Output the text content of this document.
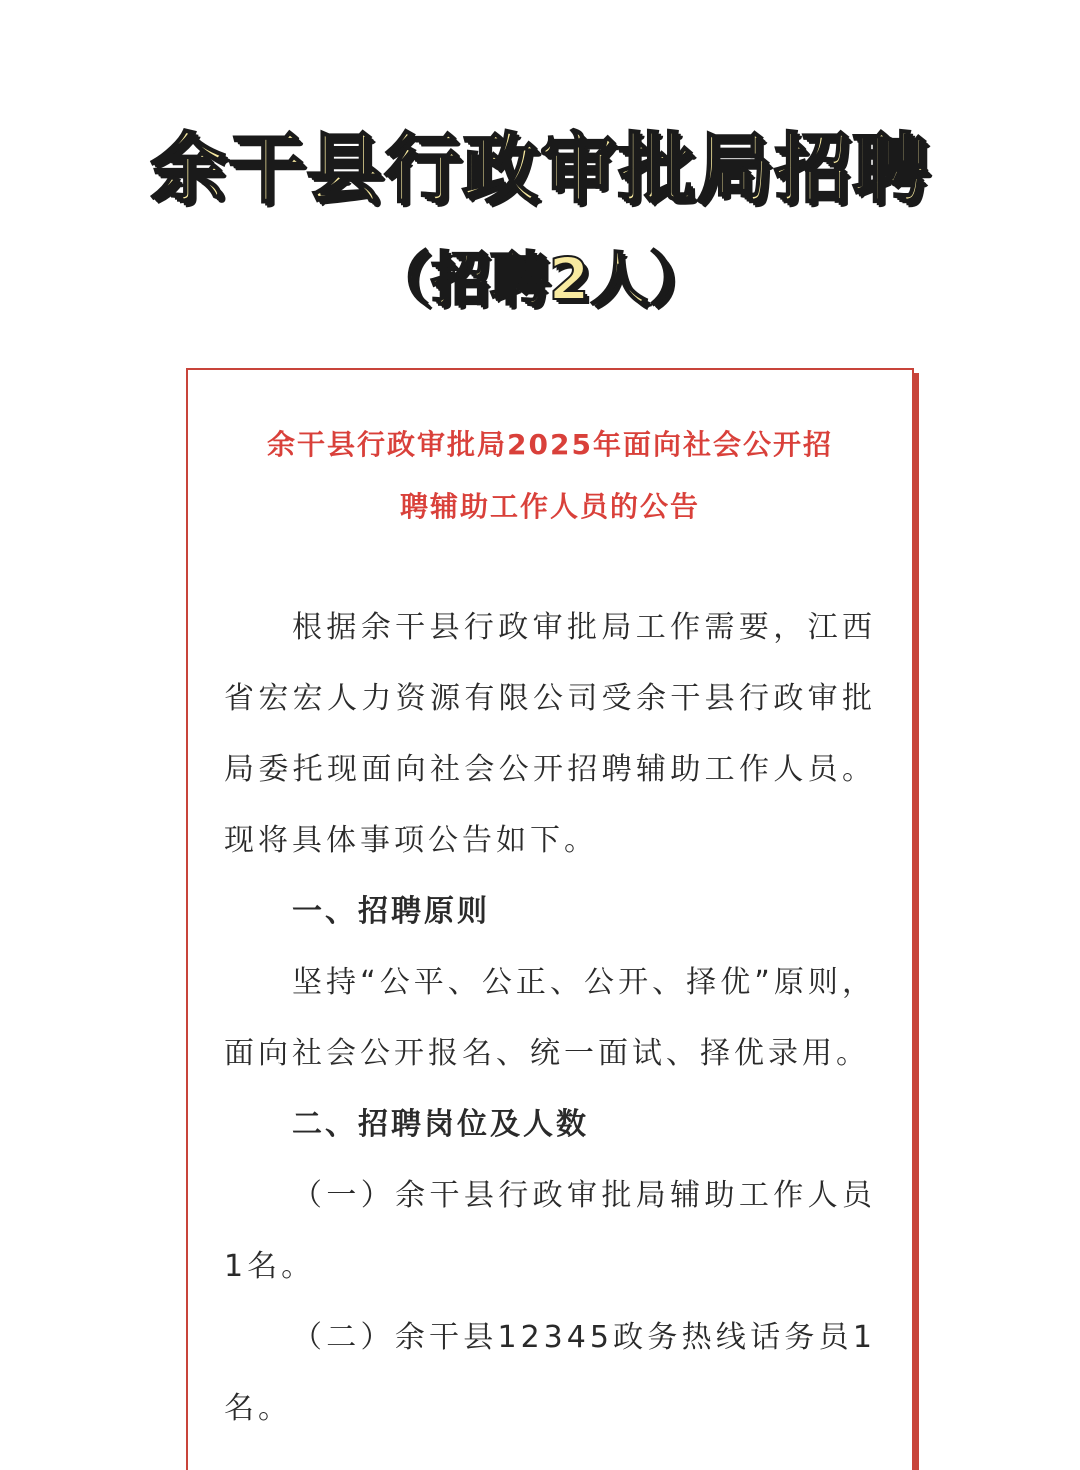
余干县行政审批局招聘
（招聘2人）
余干县行政审批局2025年面向社会公开招
聘辅助工作人员的公告

根据余干县行政审批局工作需要，江西省宏宏人力资源有限公司受余干县行政审批局委托现面向社会公开招聘辅助工作人员。现将具体事项公告如下。

一、招聘原则

坚持“公平、公正、公开、择优”原则，面向社会公开报名、统一面试、择优录用。

二、招聘岗位及人数

（一）余干县行政审批局辅助工作人员1名。

（二）余干县12345政务热线话务员1名。
